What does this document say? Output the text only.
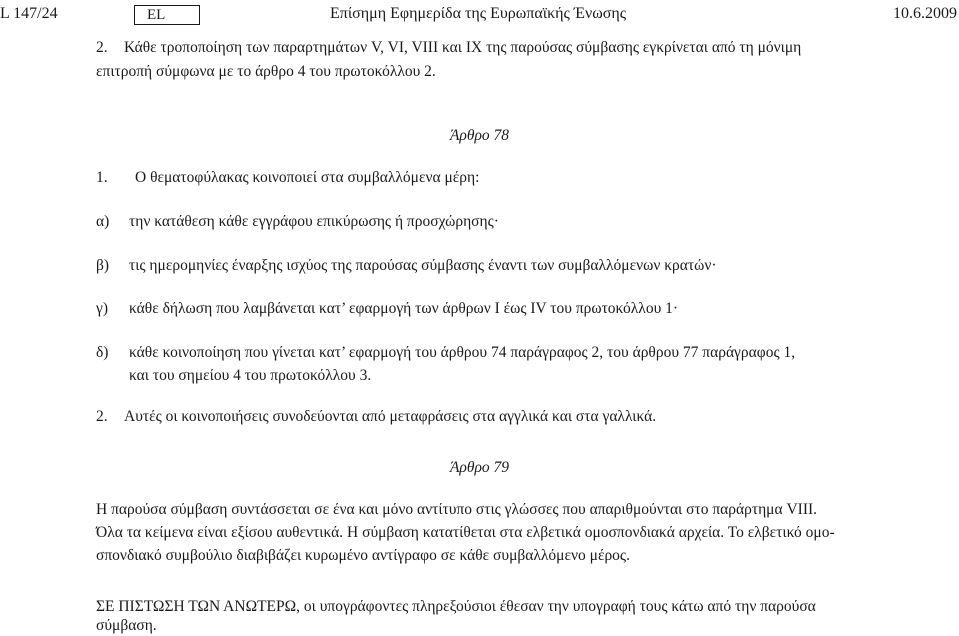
L 147/24	EL	Επίσημη Εφημερίδα της Ευρωπαϊκής Ένωσης	10.6.2009
2. Κάθε τροποποίηση των παραρτημάτων V, VI, VIII και IX της παρούσας σύμβασης εγκρίνεται από τη μόνιμη
επιτροπή σύμφωνα με το άρθρο 4 του πρωτοκόλλου 2.
Άρθρο 78
1. Ο θεματοφύλακας κοινοποιεί στα συμβαλλόμενα μέρη:
α) την κατάθεση κάθε εγγράφου επικύρωσης ή προσχώρησης·
β) τις ημερομηνίες έναρξης ισχύος της παρούσας σύμβασης έναντι των συμβαλλόμενων κρατών·
γ) κάθε δήλωση που λαμβάνεται κατ’ εφαρμογή των άρθρων I έως IV του πρωτοκόλλου 1·
δ) κάθε κοινοποίηση που γίνεται κατ’ εφαρμογή του άρθρου 74 παράγραφος 2, του άρθρου 77 παράγραφος 1,
και του σημείου 4 του πρωτοκόλλου 3.
2. Αυτές οι κοινοποιήσεις συνοδεύονται από μεταφράσεις στα αγγλικά και στα γαλλικά.
Άρθρο 79
Η παρούσα σύμβαση συντάσσεται σε ένα και μόνο αντίτυπο στις γλώσσες που απαριθμούνται στο παράρτημα VIII.
Όλα τα κείμενα είναι εξίσου αυθεντικά. Η σύμβαση κατατίθεται στα ελβετικά ομοσπονδιακά αρχεία. Το ελβετικό ομο-
σπονδιακό συμβούλιο διαβιβάζει κυρωμένο αντίγραφο σε κάθε συμβαλλόμενο μέρος.
ΣΕ ΠΙΣΤΩΣΗ ΤΩΝ ΑΝΩΤΕΡΩ, οι υπογράφοντες πληρεξούσιοι έθεσαν την υπογραφή τους κάτω από την παρούσα
σύμβαση.
